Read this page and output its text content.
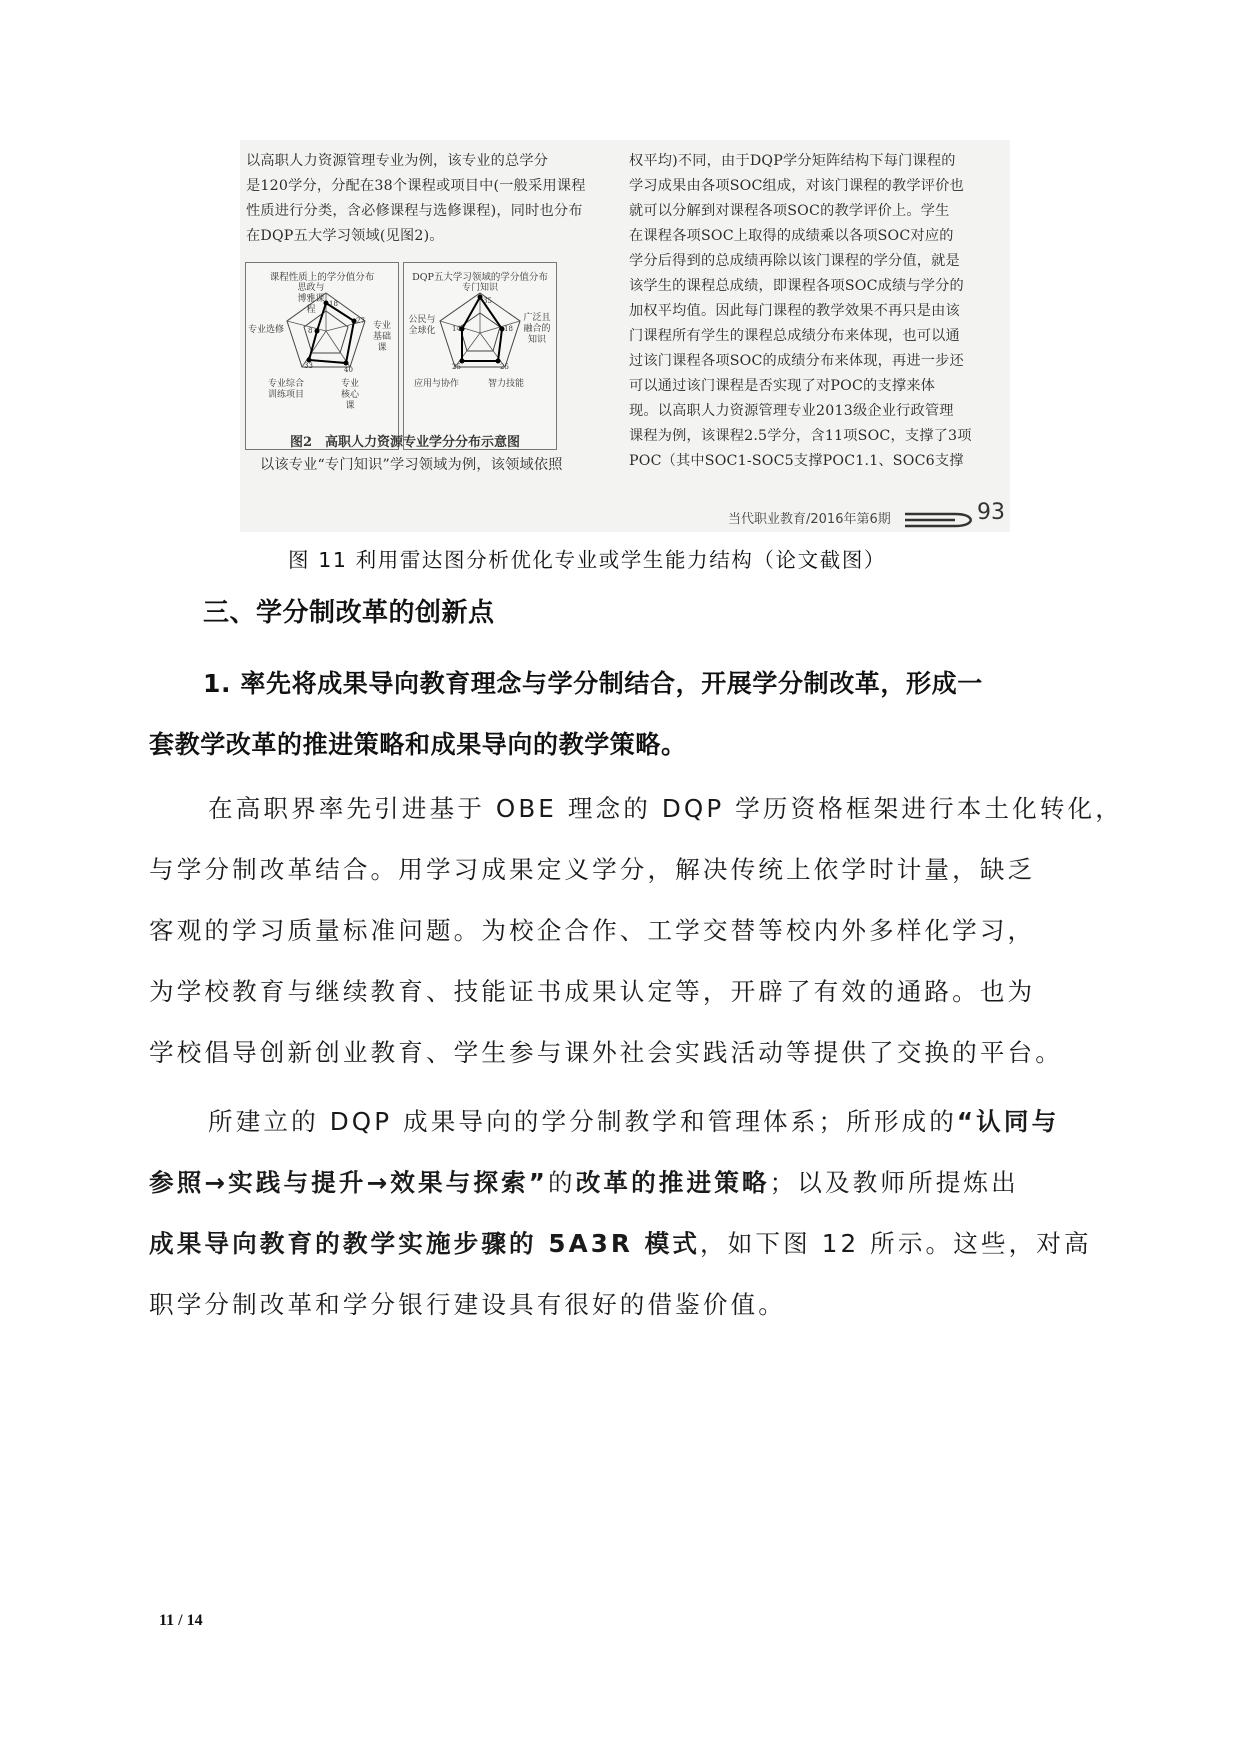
以高职人力资源管理专业为例，该专业的总学分
是120学分，分配在38个课程或项目中(一般采用课程
性质进行分类，含必修课程与选修课程)，同时也分布
在DQP五大学习领域(见图2)。
课程性质上的学分值分布
思政与博雅课程
专业基础课
专业核心课
专业综合训练项目
专业选修
18
27
40
33
8
DQP五大学习领域的学分值分布
专门知识
广泛且融合的知识
智力技能
应用与协作
公民与全球化
35
18
25
25
14
图2　高职人力资源专业学分分布示意图
以该专业“专门知识”学习领域为例，该领域依照
权平均)不同，由于DQP学分矩阵结构下每门课程的
学习成果由各项SOC组成，对该门课程的教学评价也
就可以分解到对课程各项SOC的教学评价上。学生
在课程各项SOC上取得的成绩乘以各项SOC对应的
学分后得到的总成绩再除以该门课程的学分值，就是
该学生的课程总成绩，即课程各项SOC成绩与学分的
加权平均值。因此每门课程的教学效果不再只是由该
门课程所有学生的课程总成绩分布来体现，也可以通
过该门课程各项SOC的成绩分布来体现，再进一步还
可以通过该门课程是否实现了对POC的支撑来体
现。以高职人力资源管理专业2013级企业行政管理
课程为例，该课程2.5学分，含11项SOC，支撑了3项
POC（其中SOC1-SOC5支撑POC1.1、SOC6支撑
当代职业教育/2016年第6期	93
图 11 利用雷达图分析优化专业或学生能力结构（论文截图）
三、学分制改革的创新点
1. 率先将成果导向教育理念与学分制结合，开展学分制改革，形成一
套教学改革的推进策略和成果导向的教学策略。
在高职界率先引进基于 OBE 理念的 DQP 学历资格框架进行本土化转化，
与学分制改革结合。用学习成果定义学分，解决传统上依学时计量，缺乏
客观的学习质量标准问题。为校企合作、工学交替等校内外多样化学习，
为学校教育与继续教育、技能证书成果认定等，开辟了有效的通路。也为
学校倡导创新创业教育、学生参与课外社会实践活动等提供了交换的平台。
所建立的 DQP 成果导向的学分制教学和管理体系；所形成的“认同与
参照→实践与提升→效果与探索”的改革的推进策略；以及教师所提炼出
成果导向教育的教学实施步骤的 5A3R 模式，如下图 12 所示。这些，对高
职学分制改革和学分银行建设具有很好的借鉴价值。
11 / 14
